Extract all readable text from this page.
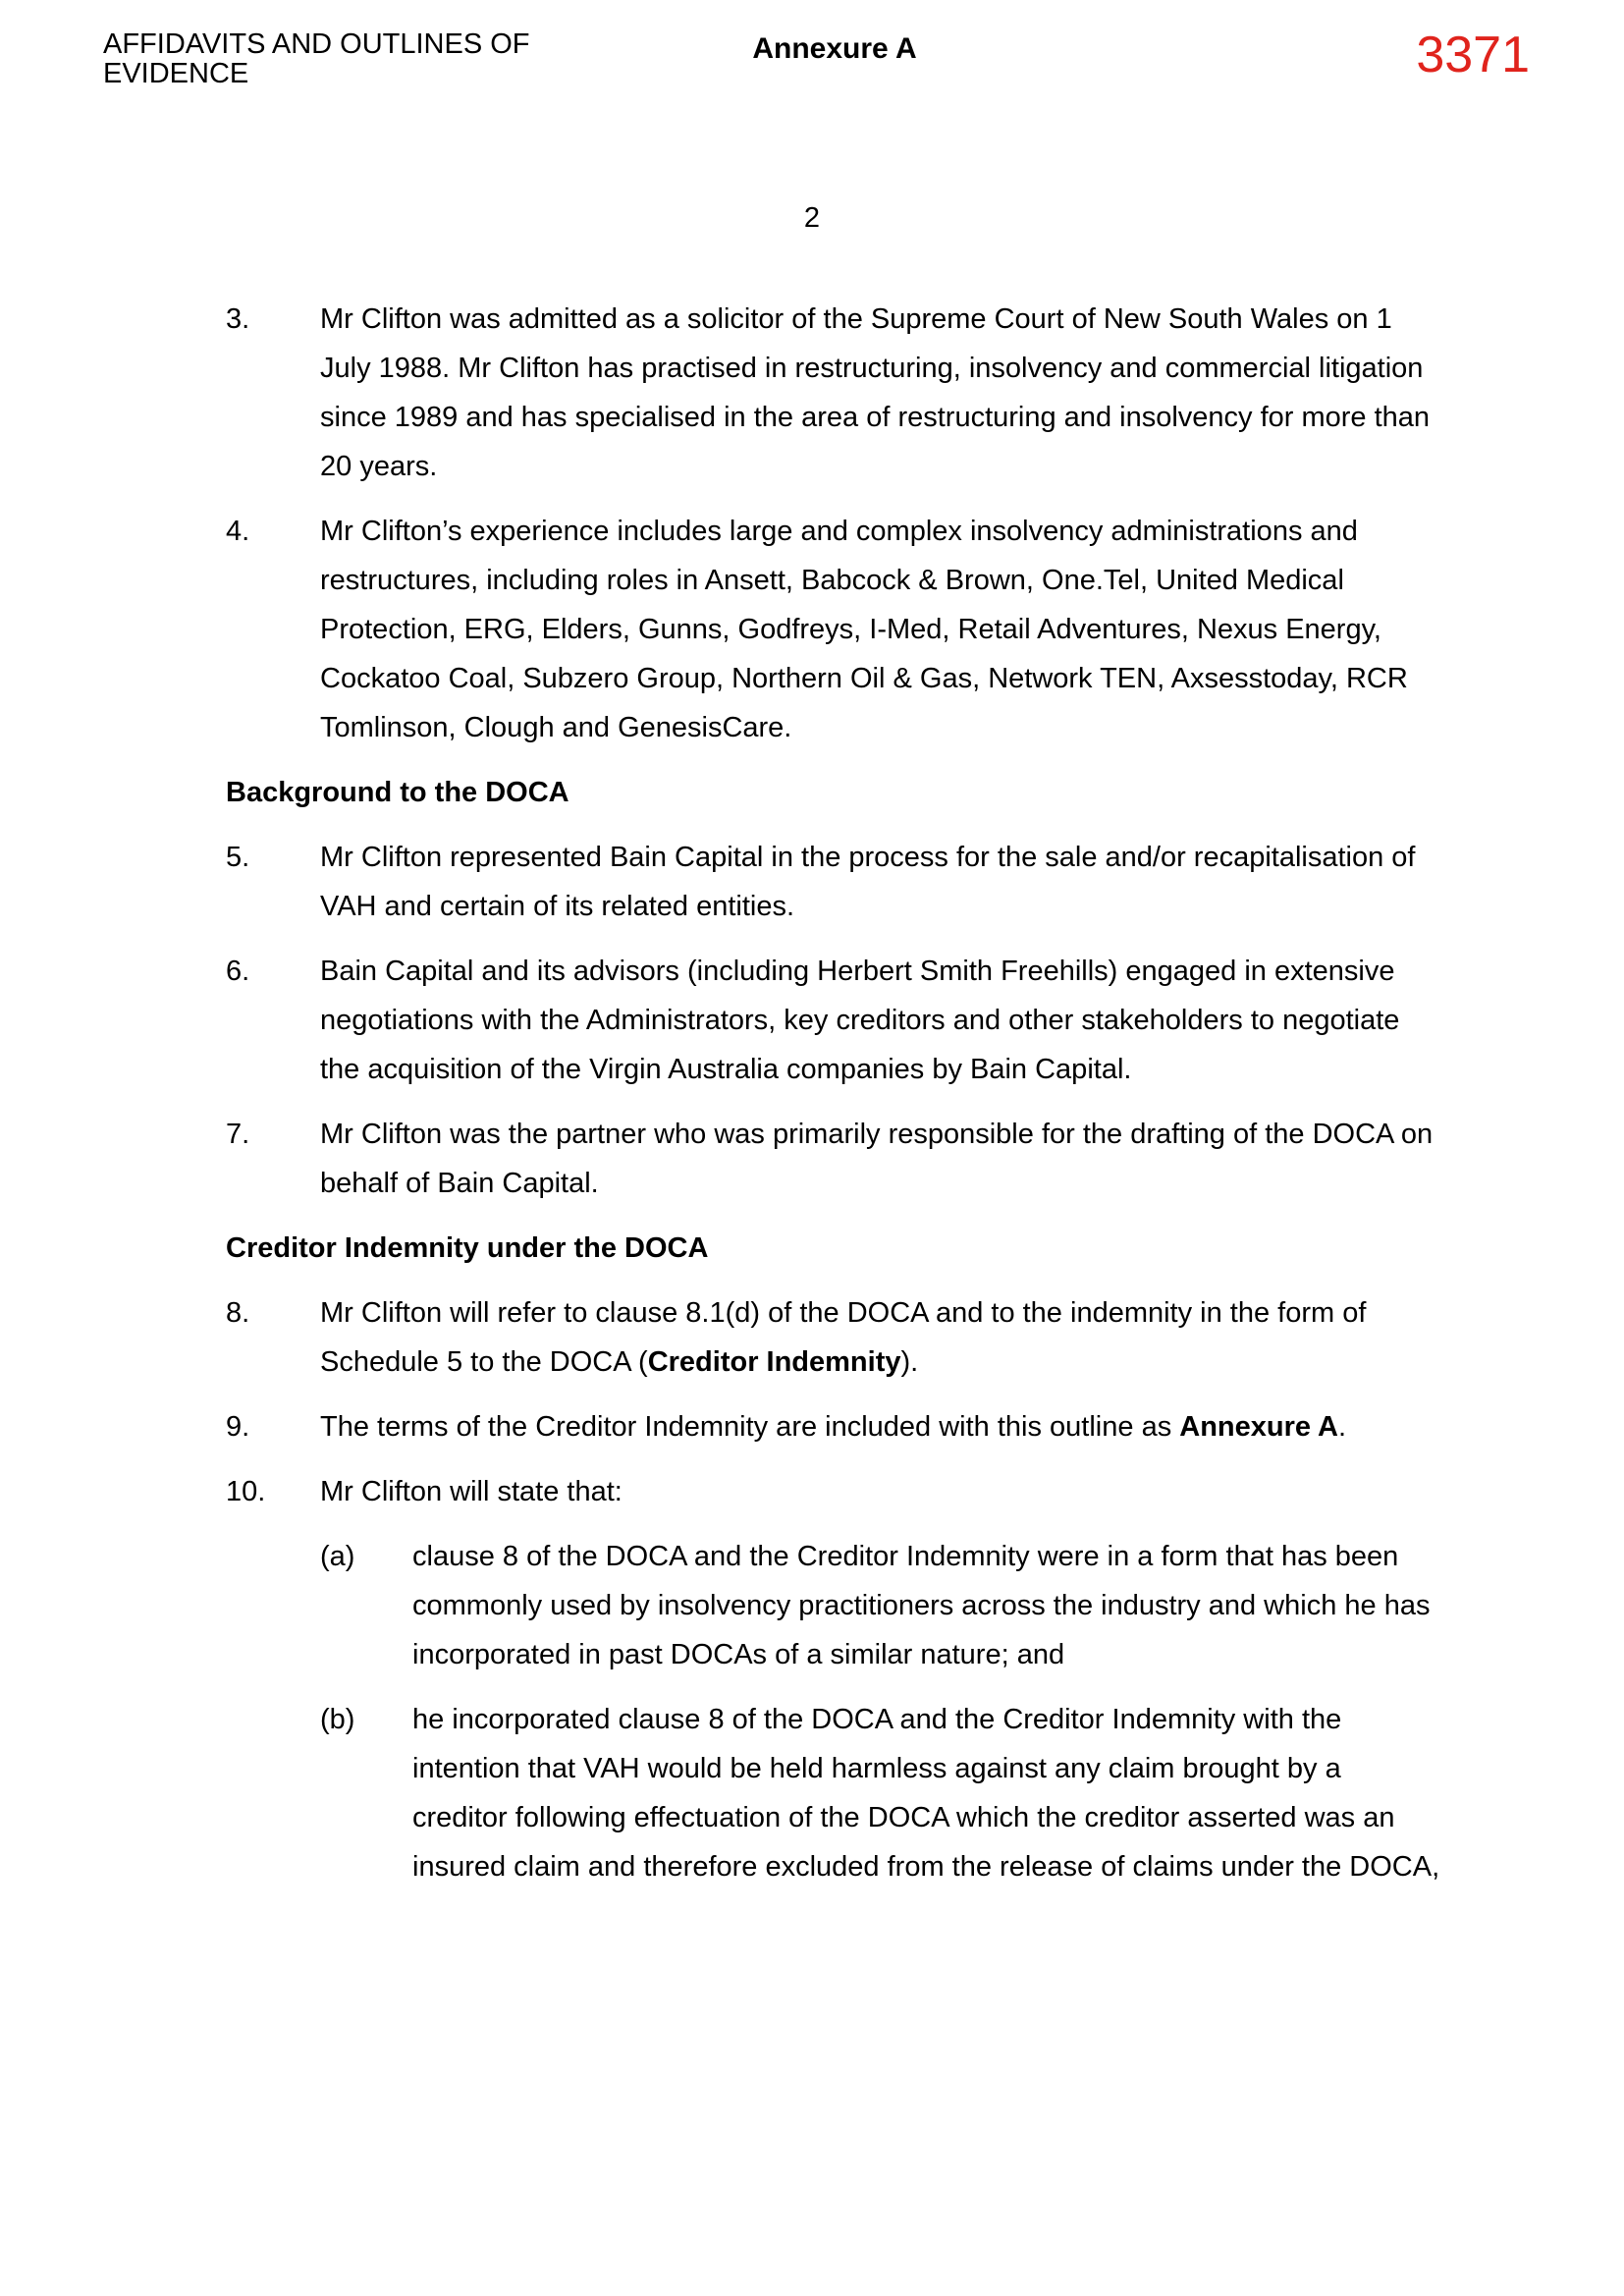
AFFIDAVITS AND OUTLINES OF
EVIDENCE
Annexure A	3371
2
3.	Mr Clifton was admitted as a solicitor of the Supreme Court of New South Wales on 1 July 1988. Mr Clifton has practised in restructuring, insolvency and commercial litigation since 1989 and has specialised in the area of restructuring and insolvency for more than 20 years.
4.	Mr Clifton’s experience includes large and complex insolvency administrations and restructures, including roles in Ansett, Babcock & Brown, One.Tel, United Medical Protection, ERG, Elders, Gunns, Godfreys, I-Med, Retail Adventures, Nexus Energy, Cockatoo Coal, Subzero Group, Northern Oil & Gas, Network TEN, Axsesstoday, RCR Tomlinson, Clough and GenesisCare.
Background to the DOCA
5.	Mr Clifton represented Bain Capital in the process for the sale and/or recapitalisation of VAH and certain of its related entities.
6.	Bain Capital and its advisors (including Herbert Smith Freehills) engaged in extensive negotiations with the Administrators, key creditors and other stakeholders to negotiate the acquisition of the Virgin Australia companies by Bain Capital.
7.	Mr Clifton was the partner who was primarily responsible for the drafting of the DOCA on behalf of Bain Capital.
Creditor Indemnity under the DOCA
8.	Mr Clifton will refer to clause 8.1(d) of the DOCA and to the indemnity in the form of Schedule 5 to the DOCA (Creditor Indemnity).
9.	The terms of the Creditor Indemnity are included with this outline as Annexure A.
10.	Mr Clifton will state that:
(a)	clause 8 of the DOCA and the Creditor Indemnity were in a form that has been commonly used by insolvency practitioners across the industry and which he has incorporated in past DOCAs of a similar nature; and
(b)	he incorporated clause 8 of the DOCA and the Creditor Indemnity with the intention that VAH would be held harmless against any claim brought by a creditor following effectuation of the DOCA which the creditor asserted was an insured claim and therefore excluded from the release of claims under the DOCA,
